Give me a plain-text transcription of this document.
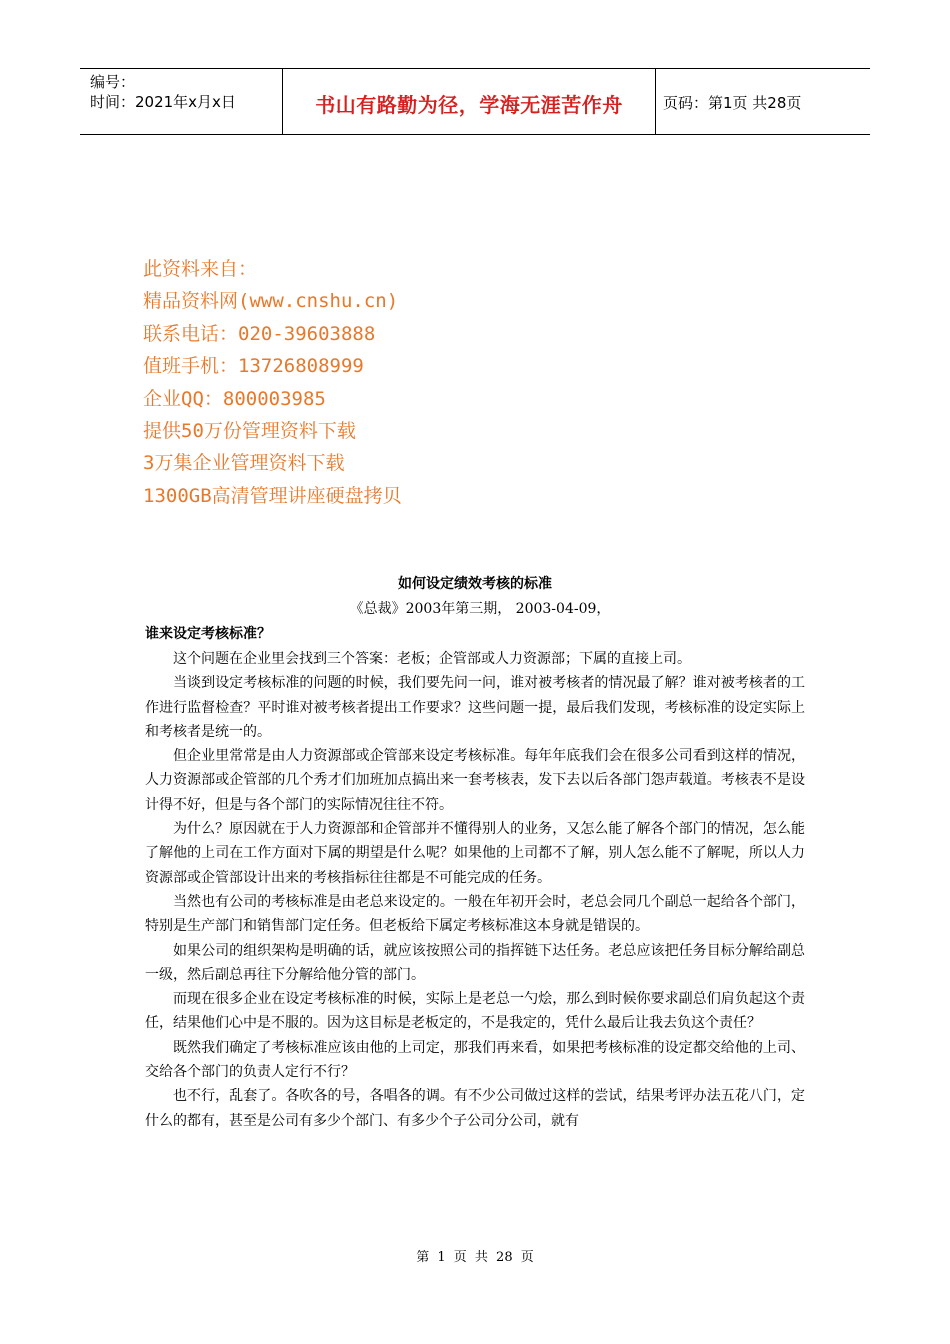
编号：
时间：2021年x月x日	书山有路勤为径，学海无涯苦作舟	页码：第1页 共28页
此资料来自：
精品资料网(www.cnshu.cn)
联系电话：020-39603888
值班手机：13726808999
企业QQ：800003985
提供50万份管理资料下载
3万集企业管理资料下载
1300GB高清管理讲座硬盘拷贝
如何设定绩效考核的标准
《总裁》2003年第三期， 2003-04-09，
谁来设定考核标准？

这个问题在企业里会找到三个答案：老板；企管部或人力资源部；下属的直接上司。

当谈到设定考核标准的问题的时候，我们要先问一问，谁对被考核者的情况最了解？谁对被考核者的工作进行监督检查？平时谁对被考核者提出工作要求？这些问题一提，最后我们发现，考核标准的设定实际上和考核者是统一的。

但企业里常常是由人力资源部或企管部来设定考核标准。每年年底我们会在很多公司看到这样的情况，人力资源部或企管部的几个秀才们加班加点搞出来一套考核表，发下去以后各部门怨声载道。考核表不是设计得不好，但是与各个部门的实际情况往往不符。

为什么？原因就在于人力资源部和企管部并不懂得别人的业务，又怎么能了解各个部门的情况，怎么能了解他的上司在工作方面对下属的期望是什么呢？如果他的上司都不了解，别人怎么能不了解呢，所以人力资源部或企管部设计出来的考核指标往往都是不可能完成的任务。

当然也有公司的考核标准是由老总来设定的。一般在年初开会时，老总会同几个副总一起给各个部门，特别是生产部门和销售部门定任务。但老板给下属定考核标准这本身就是错误的。

如果公司的组织架构是明确的话，就应该按照公司的指挥链下达任务。老总应该把任务目标分解给副总一级，然后副总再往下分解给他分管的部门。

而现在很多企业在设定考核标准的时候，实际上是老总一勺烩，那么到时候你要求副总们肩负起这个责任，结果他们心中是不服的。因为这目标是老板定的，不是我定的，凭什么最后让我去负这个责任？

既然我们确定了考核标准应该由他的上司定，那我们再来看，如果把考核标准的设定都交给他的上司、交给各个部门的负责人定行不行？

也不行，乱套了。各吹各的号，各唱各的调。有不少公司做过这样的尝试，结果考评办法五花八门，定什么的都有，甚至是公司有多少个部门、有多少个子公司分公司，就有

第 1 页 共 28 页
